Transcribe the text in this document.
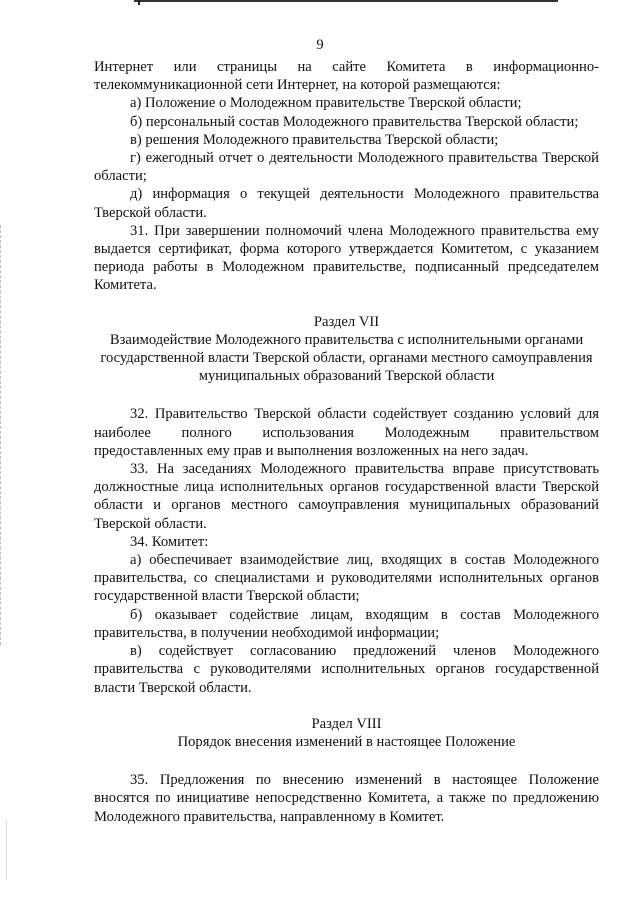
9

Интернет или страницы на сайте Комитета в информационно-телекоммуникационной сети Интернет, на которой размещаются:

а) Положение о Молодежном правительстве Тверской области;

б) персональный состав Молодежного правительства Тверской области;

в) решения Молодежного правительства Тверской области;

г) ежегодный отчет о деятельности Молодежного правительства Тверской области;

д) информация о текущей деятельности Молодежного правительства Тверской области.

31. При завершении полномочий члена Молодежного правительства ему выдается сертификат, форма которого утверждается Комитетом, с указанием периода работы в Молодежном правительстве, подписанный председателем Комитета.

Раздел VII

Взаимодействие Молодежного правительства с исполнительными органами государственной власти Тверской области, органами местного самоуправления муниципальных образований Тверской области

32. Правительство Тверской области содействует созданию условий для наиболее полного использования Молодежным правительством предоставленных ему прав и выполнения возложенных на него задач.

33. На заседаниях Молодежного правительства вправе присутствовать должностные лица исполнительных органов государственной власти Тверской области и органов местного самоуправления муниципальных образований Тверской области.

34. Комитет:

а) обеспечивает взаимодействие лиц, входящих в состав Молодежного правительства, со специалистами и руководителями исполнительных органов государственной власти Тверской области;

б) оказывает содействие лицам, входящим в состав Молодежного правительства, в получении необходимой информации;

в) содействует согласованию предложений членов Молодежного правительства с руководителями исполнительных органов государственной власти Тверской области.

Раздел VIII

Порядок внесения изменений в настоящее Положение

35. Предложения по внесению изменений в настоящее Положение вносятся по инициативе непосредственно Комитета, а также по предложению Молодежного правительства, направленному в Комитет.
